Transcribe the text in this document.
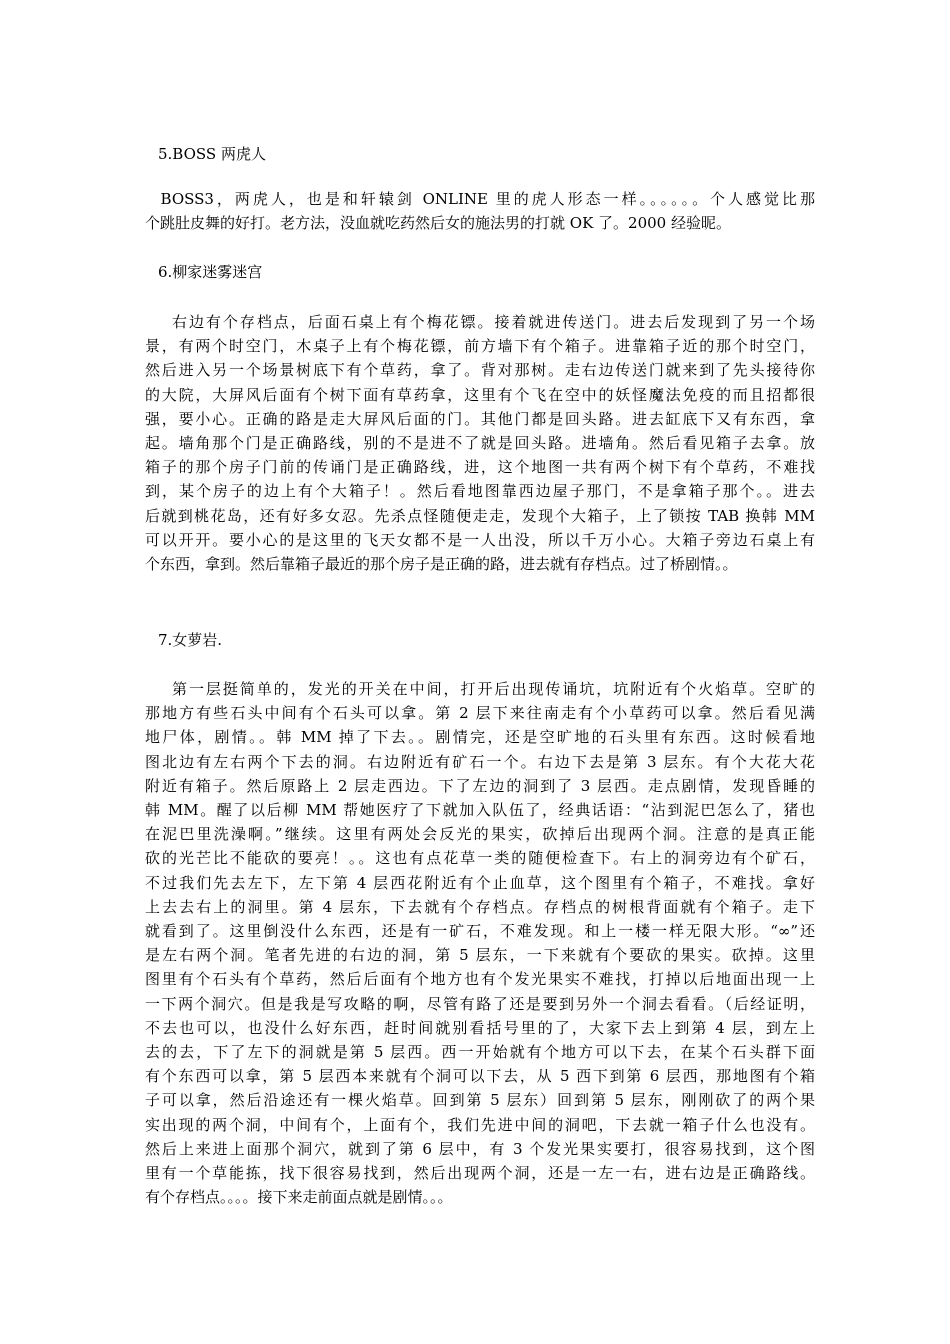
5.BOSS 两虎人
BOSS3，两虎人，也是和轩辕剑 ONLINE 里的虎人形态一样。。。。。。个人感觉比那
个跳肚皮舞的好打。老方法，没血就吃药然后女的施法男的打就 OK 了。2000 经验昵。
6.柳家迷雾迷宫
右边有个存档点，后面石桌上有个梅花镖。接着就进传送门。进去后发现到了另一个场
景，有两个时空门，木桌子上有个梅花镖，前方墙下有个箱子。进靠箱子近的那个时空门，
然后进入另一个场景树底下有个草药，拿了。背对那树。走右边传送门就来到了先头接待你
的大院，大屏风后面有个树下面有草药拿，这里有个飞在空中的妖怪魔法免疫的而且招都很
强，要小心。正确的路是走大屏风后面的门。其他门都是回头路。进去缸底下又有东西，拿
起。墙角那个门是正确路线，别的不是进不了就是回头路。进墙角。然后看见箱子去拿。放
箱子的那个房子门前的传诵门是正确路线，进，这个地图一共有两个树下有个草药，不难找
到，某个房子的边上有个大箱子！。然后看地图靠西边屋子那门，不是拿箱子那个。。进去
后就到桃花岛，还有好多女忍。先杀点怪随便走走，发现个大箱子，上了锁按 TAB 换韩 MM
可以开开。要小心的是这里的飞天女都不是一人出没，所以千万小心。大箱子旁边石桌上有
个东西，拿到。然后靠箱子最近的那个房子是正确的路，进去就有存档点。过了桥剧情。。
7.女萝岩.
第一层挺简单的，发光的开关在中间，打开后出现传诵坑，坑附近有个火焰草。空旷的
那地方有些石头中间有个石头可以拿。第 2 层下来往南走有个小草药可以拿。然后看见满
地尸体，剧情。。韩 MM 掉了下去。。剧情完，还是空旷地的石头里有东西。这时候看地
图北边有左右两个下去的洞。右边附近有矿石一个。右边下去是第 3 层东。有个大花大花
附近有箱子。然后原路上 2 层走西边。下了左边的洞到了 3 层西。走点剧情，发现昏睡的
韩 MM。醒了以后柳 MM 帮她医疗了下就加入队伍了，经典话语：“沾到泥巴怎么了，猪也
在泥巴里洗澡啊。”继续。这里有两处会反光的果实，砍掉后出现两个洞。注意的是真正能
砍的光芒比不能砍的要亮！。。这也有点花草一类的随便检查下。右上的洞旁边有个矿石，
不过我们先去左下，左下第 4 层西花附近有个止血草，这个图里有个箱子，不难找。拿好
上去去右上的洞里。第 4 层东，下去就有个存档点。存档点的树根背面就有个箱子。走下
就看到了。这里倒没什么东西，还是有一矿石，不难发现。和上一楼一样无限大形。“∞”还
是左右两个洞。笔者先进的右边的洞，第 5 层东，一下来就有个要砍的果实。砍掉。这里
图里有个石头有个草药，然后后面有个地方也有个发光果实不难找，打掉以后地面出现一上
一下两个洞穴。但是我是写攻略的啊，尽管有路了还是要到另外一个洞去看看。（后经证明，
不去也可以，也没什么好东西，赶时间就别看括号里的了，大家下去上到第 4 层，到左上
去的去，下了左下的洞就是第 5 层西。西一开始就有个地方可以下去，在某个石头群下面
有个东西可以拿，第 5 层西本来就有个洞可以下去，从 5 西下到第 6 层西，那地图有个箱
子可以拿，然后沿途还有一棵火焰草。回到第 5 层东）回到第 5 层东，刚刚砍了的两个果
实出现的两个洞，中间有个，上面有个，我们先进中间的洞吧，下去就一箱子什么也没有。
然后上来进上面那个洞穴，就到了第 6 层中，有 3 个发光果实要打，很容易找到，这个图
里有一个草能拣，找下很容易找到，然后出现两个洞，还是一左一右，进右边是正确路线。
有个存档点。。。。接下来走前面点就是剧情。。。
